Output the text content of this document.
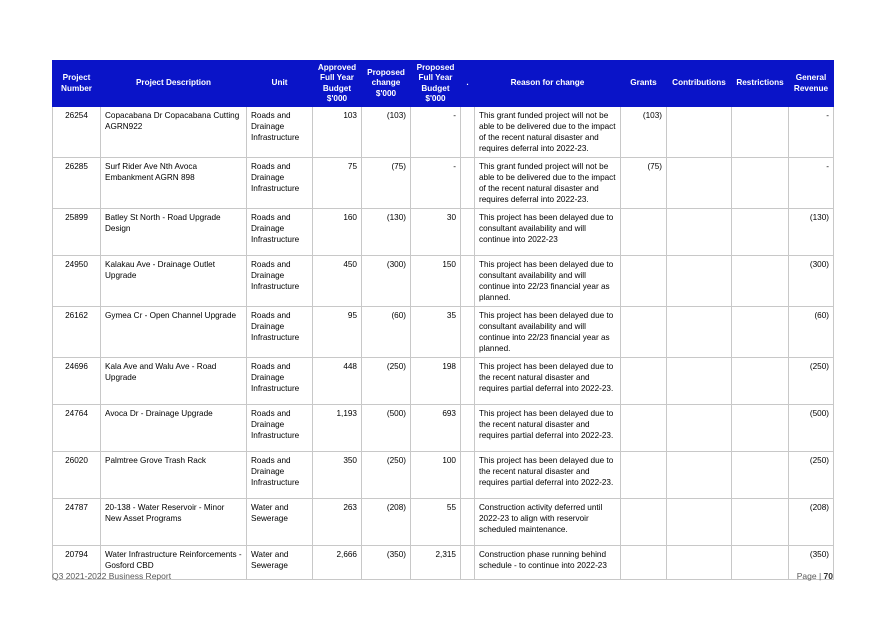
Project Number	Project Description	Unit	Approved Full Year Budget $'000	Proposed change $'000	Proposed Full Year Budget $'000	.	Reason for change	Grants	Contributions	Restrictions	General Revenue
26254	Copacabana Dr Copacabana Cutting AGRN922	Roads and Drainage Infrastructure	103	(103)	-		This grant funded project will not be able to be delivered due to the impact of the recent natural disaster and requires deferral into 2022-23.	(103)			-
26285	Surf Rider Ave Nth Avoca Embankment AGRN 898	Roads and Drainage Infrastructure	75	(75)	-		This grant funded project will not be able to be delivered due to the impact of the recent natural disaster and requires deferral into 2022-23.	(75)			-
25899	Batley St North - Road Upgrade Design	Roads and Drainage Infrastructure	160	(130)	30		This project has been delayed due to consultant availability and will continue into 2022-23				(130)
24950	Kalakau Ave - Drainage Outlet Upgrade	Roads and Drainage Infrastructure	450	(300)	150		This project has been delayed due to consultant availability and will continue into 22/23 financial year as planned.				(300)
26162	Gymea Cr - Open Channel Upgrade	Roads and Drainage Infrastructure	95	(60)	35		This project has been delayed due to consultant availability and will continue into 22/23 financial year as planned.				(60)
24696	Kala Ave and Walu Ave - Road Upgrade	Roads and Drainage Infrastructure	448	(250)	198		This project has been delayed due to the recent natural disaster and requires partial deferral into 2022-23.				(250)
24764	Avoca Dr - Drainage Upgrade	Roads and Drainage Infrastructure	1,193	(500)	693		This project has been delayed due to the recent natural disaster and requires partial deferral into 2022-23.				(500)
26020	Palmtree Grove Trash Rack	Roads and Drainage Infrastructure	350	(250)	100		This project has been delayed due to the recent natural disaster and requires partial deferral into 2022-23.				(250)
24787	20-138 - Water Reservoir - Minor New Asset Programs	Water and Sewerage	263	(208)	55		Construction activity deferred until 2022-23 to align with reservoir scheduled maintenance.				(208)
20794	Water Infrastructure Reinforcements - Gosford CBD	Water and Sewerage	2,666	(350)	2,315		Construction phase running behind schedule - to continue into 2022-23				(350)
Q3 2021-2022 Business Report	Page | 70
